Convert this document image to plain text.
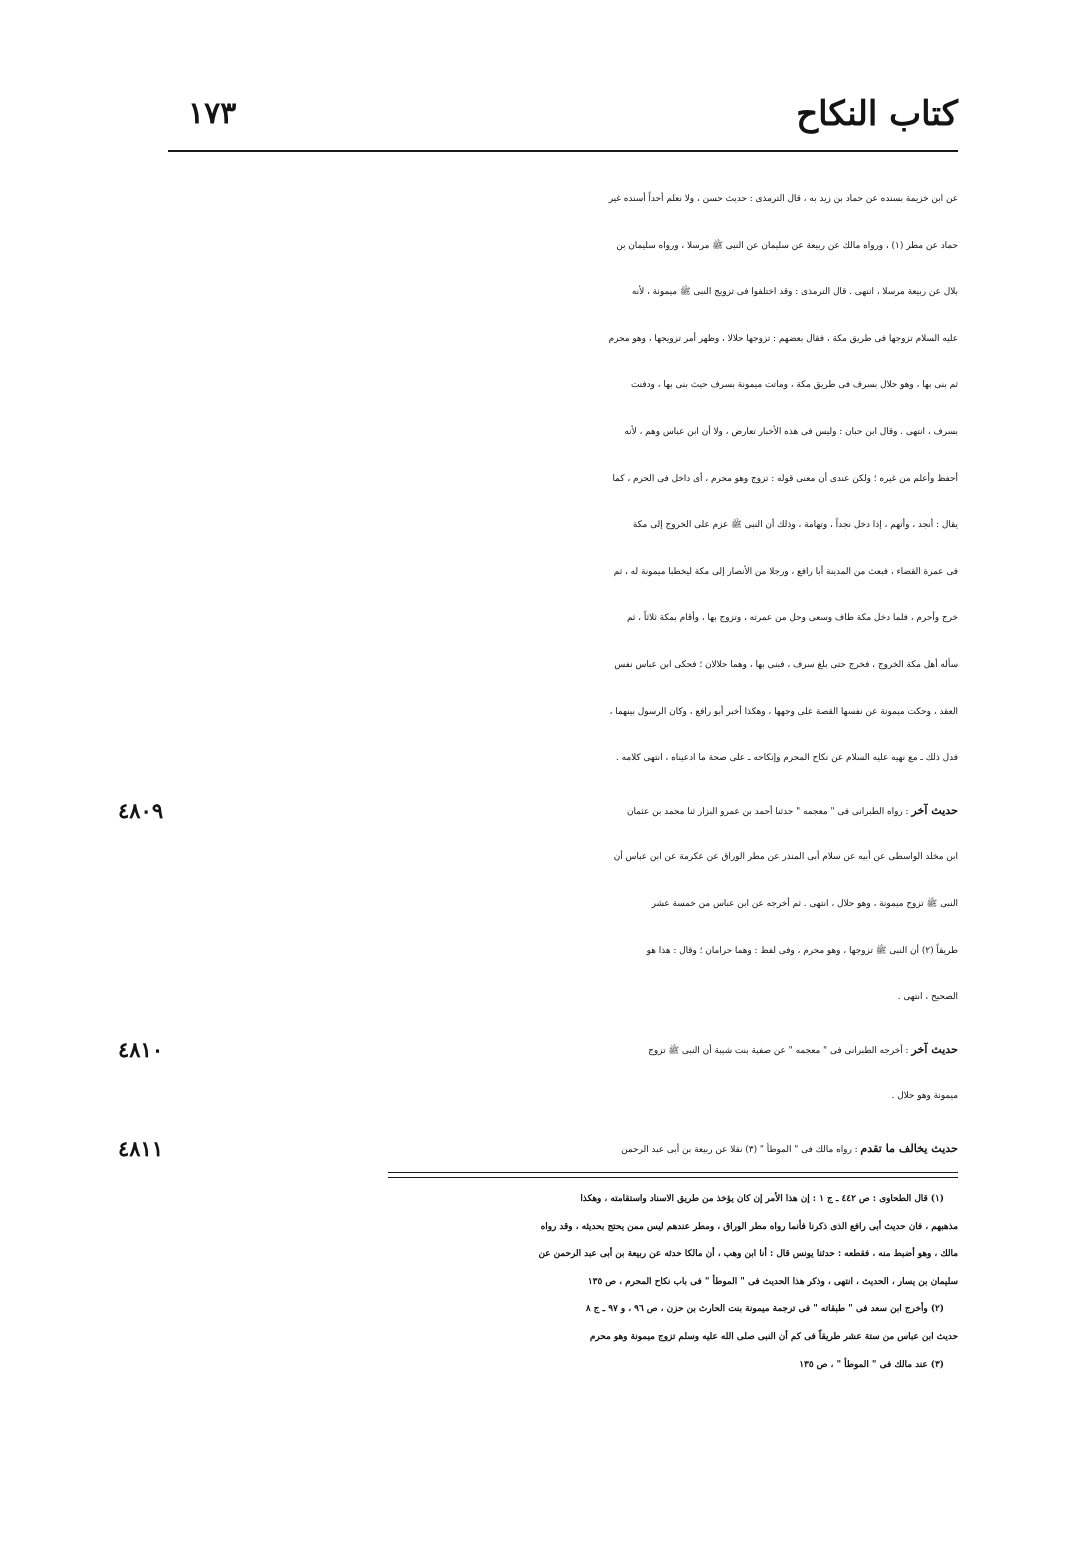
كتاب النكاح
١٧٣
عن ابن خزيمة بسنده عن حماد بن زيد به ، قال الترمذى : حديث حسن ، ولا نعلم أحداً أسنده غير
حماد عن مطر (١) ، ورواه مالك عن ربيعة عن سليمان عن النبى ﷺ مرسلا ، ورواه سليمان بن
بلال عن ربيعة مرسلا ، انتهى . قال الترمذى : وقد اختلفوا فى تزويج النبى ﷺ ميمونة ، لأنه
عليه السلام تزوجها فى طريق مكة ، فقال بعضهم : تزوجها حلالا ، وظهر أمر تزويجها ، وهو محرم
ثم بنى بها ، وهو حلال بسرف فى طريق مكة ، وماتت ميمونة بسرف حيث بنى بها ، ودفنت
بسرف ، انتهى . وقال ابن حبان : وليس فى هذه الأخبار تعارض ، ولا أن ابن عباس وهم ، لأنه
أحفظ وأعلم من غيره ؛ ولكن عندى أن معنى قوله : تزوج وهو محرم ، أى داخل فى الحرم ، كما
يقال : أنجد ، وأتهم ، إذا دخل نجداً ، وتهامة ، وذلك أن النبى ﷺ عزم على الخروج إلى مكة
فى عمرة القضاء ، فبعث من المدينة أبا رافع ، ورجلا من الأنصار إلى مكة ليخطبا ميمونة له ، ثم
خرج وأحرم ، فلما دخل مكة طاف وسعى وحل من عمرته ، وتزوج بها ، وأقام بمكة ثلاثاً ، ثم
سأله أهل مكة الخروج ، فخرج حتى بلغ سرف ، فبنى بها ، وهما حلالان ؛ فحكى ابن عباس نفس
العقد ، وحكت ميمونة عن نفسها القصة على وجهها ، وهكذا أخبر أبو رافع ، وكان الرسول بينهما ،
فدل ذلك ـ مع نهيه عليه السلام عن نكاح المحرم وإنكاحه ـ على صحة ما ادعيناه ، انتهى كلامه .
حديث آخر : رواه الطبرانى فى " معجمه " حدثنا أحمد بن عمرو البزار ثنا محمد بن عثمان
٤٨٠٩
ابن مخلد الواسطى عن أبيه عن سلام أبى المنذر عن مطر الوراق عن عكرمة عن ابن عباس أن
النبى ﷺ تزوج ميمونة ، وهو حلال ، انتهى . ثم أخرجه عن ابن عباس من خمسة عشر
طريقاً (٢) أن النبى ﷺ تزوجها ، وهو محرم ، وفى لفظ : وهما حرامان ؛ وقال : هذا هو
الصحيح ، انتهى .
حديث آخر : أخرجه الطبرانى فى " معجمه " عن صفية بنت شيبة أن النبى ﷺ تزوج
٤٨١٠
ميمونة وهو حلال .
حديث يخالف ما تقدم : رواه مالك فى " الموطأ " (٣) نقلا عن ربيعة بن أبى عبد الرحمن
٤٨١١
(١) قال الطحاوى : ص ٤٤٢ ـ ج ١ : إن هذا الأمر إن كان يؤخذ من طريق الاسناد واستقامته ، وهكذا
مذهبهم ، فان حديث أبى رافع الذى ذكرنا فأنما رواه مطر الوراق ، ومطر عندهم ليس ممن يحتج بحديثه ، وقد رواه
مالك ، وهو أضبط منه ، فقطعه : حدثنا يونس قال : أنا ابن وهب ، أن مالكا حدثه عن ربيعة بن أبى عبد الرحمن عن
سليمان بن يسار ، الحديث ، انتهى ، وذكر هذا الحديث فى " الموطأ " فى باب نكاح المحرم ، ص ١٣٥
(٢) وأخرج ابن سعد فى " طبقاته " فى ترجمة ميمونة بنت الحارث بن حزن ، ص ٩٦ ، و ٩٧ ـ ج ٨
حديث ابن عباس من ستة عشر طريقاً فى كم أن النبى صلى الله عليه وسلم تزوج ميمونة وهو محرم
(٣) عند مالك فى " الموطأ " ، ص ١٣٥
